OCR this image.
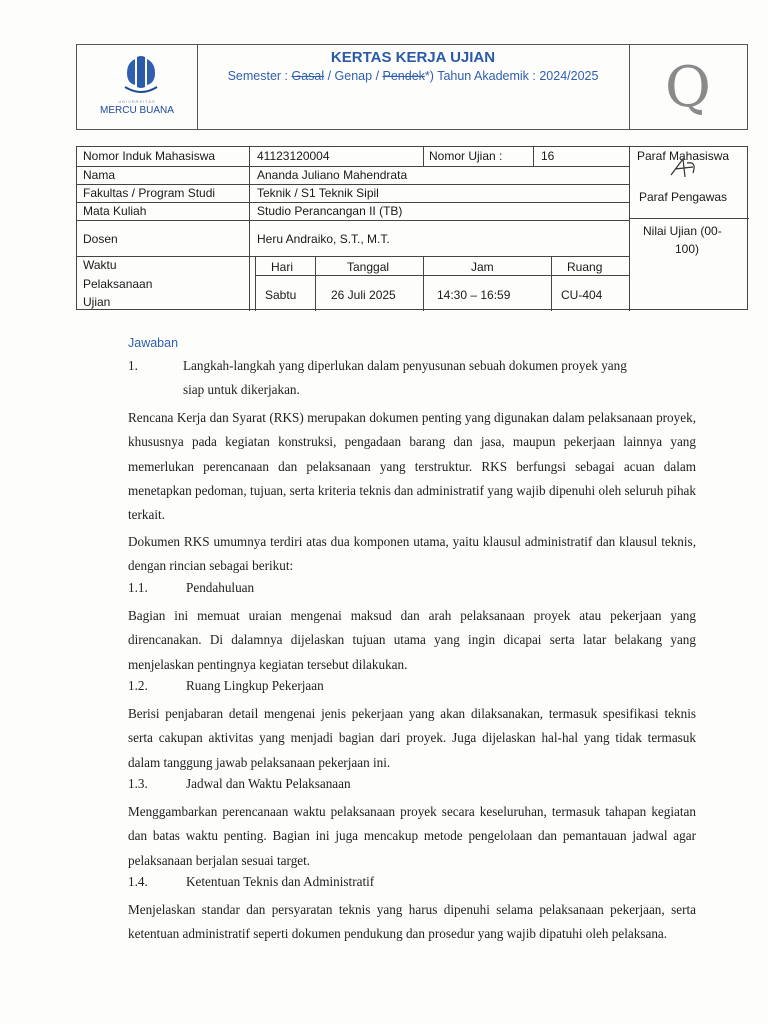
UNIVERSITAS
MERCU BUANA
KERTAS KERJA UJIAN
Semester : Gasal / Genap / Pendek*) Tahun Akademik : 2024/2025	Q
Nomor Induk Mahasiswa	41123120004	Nomor Ujian :	16	Paraf Mahasiswa
Nama	Ananda Juliano Mahendrata
Fakultas / Program Studi	Teknik / S1 Teknik Sipil	Paraf Pengawas
Mata Kuliah	Studio Perancangan II (TB)
Dosen	Heru Andraiko, S.T., M.T.
Nilai Ujian (00-
100)
Waktu
Pelaksanaan
Ujian
Hari	Tanggal	Jam	Ruang
Sabtu	26 Juli 2025	14:30 – 16:59	CU-404
Jawaban
1.	Langkah-langkah yang diperlukan dalam penyusunan sebuah dokumen proyek yang
siap untuk dikerjakan.
Rencana Kerja dan Syarat (RKS) merupakan dokumen penting yang digunakan dalam pelaksanaan proyek, khususnya pada kegiatan konstruksi, pengadaan barang dan jasa, maupun pekerjaan lainnya yang memerlukan perencanaan dan pelaksanaan yang terstruktur. RKS berfungsi sebagai acuan dalam menetapkan pedoman, tujuan, serta kriteria teknis dan administratif yang wajib dipenuhi oleh seluruh pihak terkait.
Dokumen RKS umumnya terdiri atas dua komponen utama, yaitu klausul administratif dan klausul teknis, dengan rincian sebagai berikut:
1.1.	Pendahuluan
Bagian ini memuat uraian mengenai maksud dan arah pelaksanaan proyek atau pekerjaan yang direncanakan. Di dalamnya dijelaskan tujuan utama yang ingin dicapai serta latar belakang yang menjelaskan pentingnya kegiatan tersebut dilakukan.
1.2.	Ruang Lingkup Pekerjaan
Berisi penjabaran detail mengenai jenis pekerjaan yang akan dilaksanakan, termasuk spesifikasi teknis serta cakupan aktivitas yang menjadi bagian dari proyek. Juga dijelaskan hal-hal yang tidak termasuk dalam tanggung jawab pelaksanaan pekerjaan ini.
1.3.	Jadwal dan Waktu Pelaksanaan
Menggambarkan perencanaan waktu pelaksanaan proyek secara keseluruhan, termasuk tahapan kegiatan dan batas waktu penting. Bagian ini juga mencakup metode pengelolaan dan pemantauan jadwal agar pelaksanaan berjalan sesuai target.
1.4.	Ketentuan Teknis dan Administratif
Menjelaskan standar dan persyaratan teknis yang harus dipenuhi selama pelaksanaan pekerjaan, serta ketentuan administratif seperti dokumen pendukung dan prosedur yang wajib dipatuhi oleh pelaksana.
